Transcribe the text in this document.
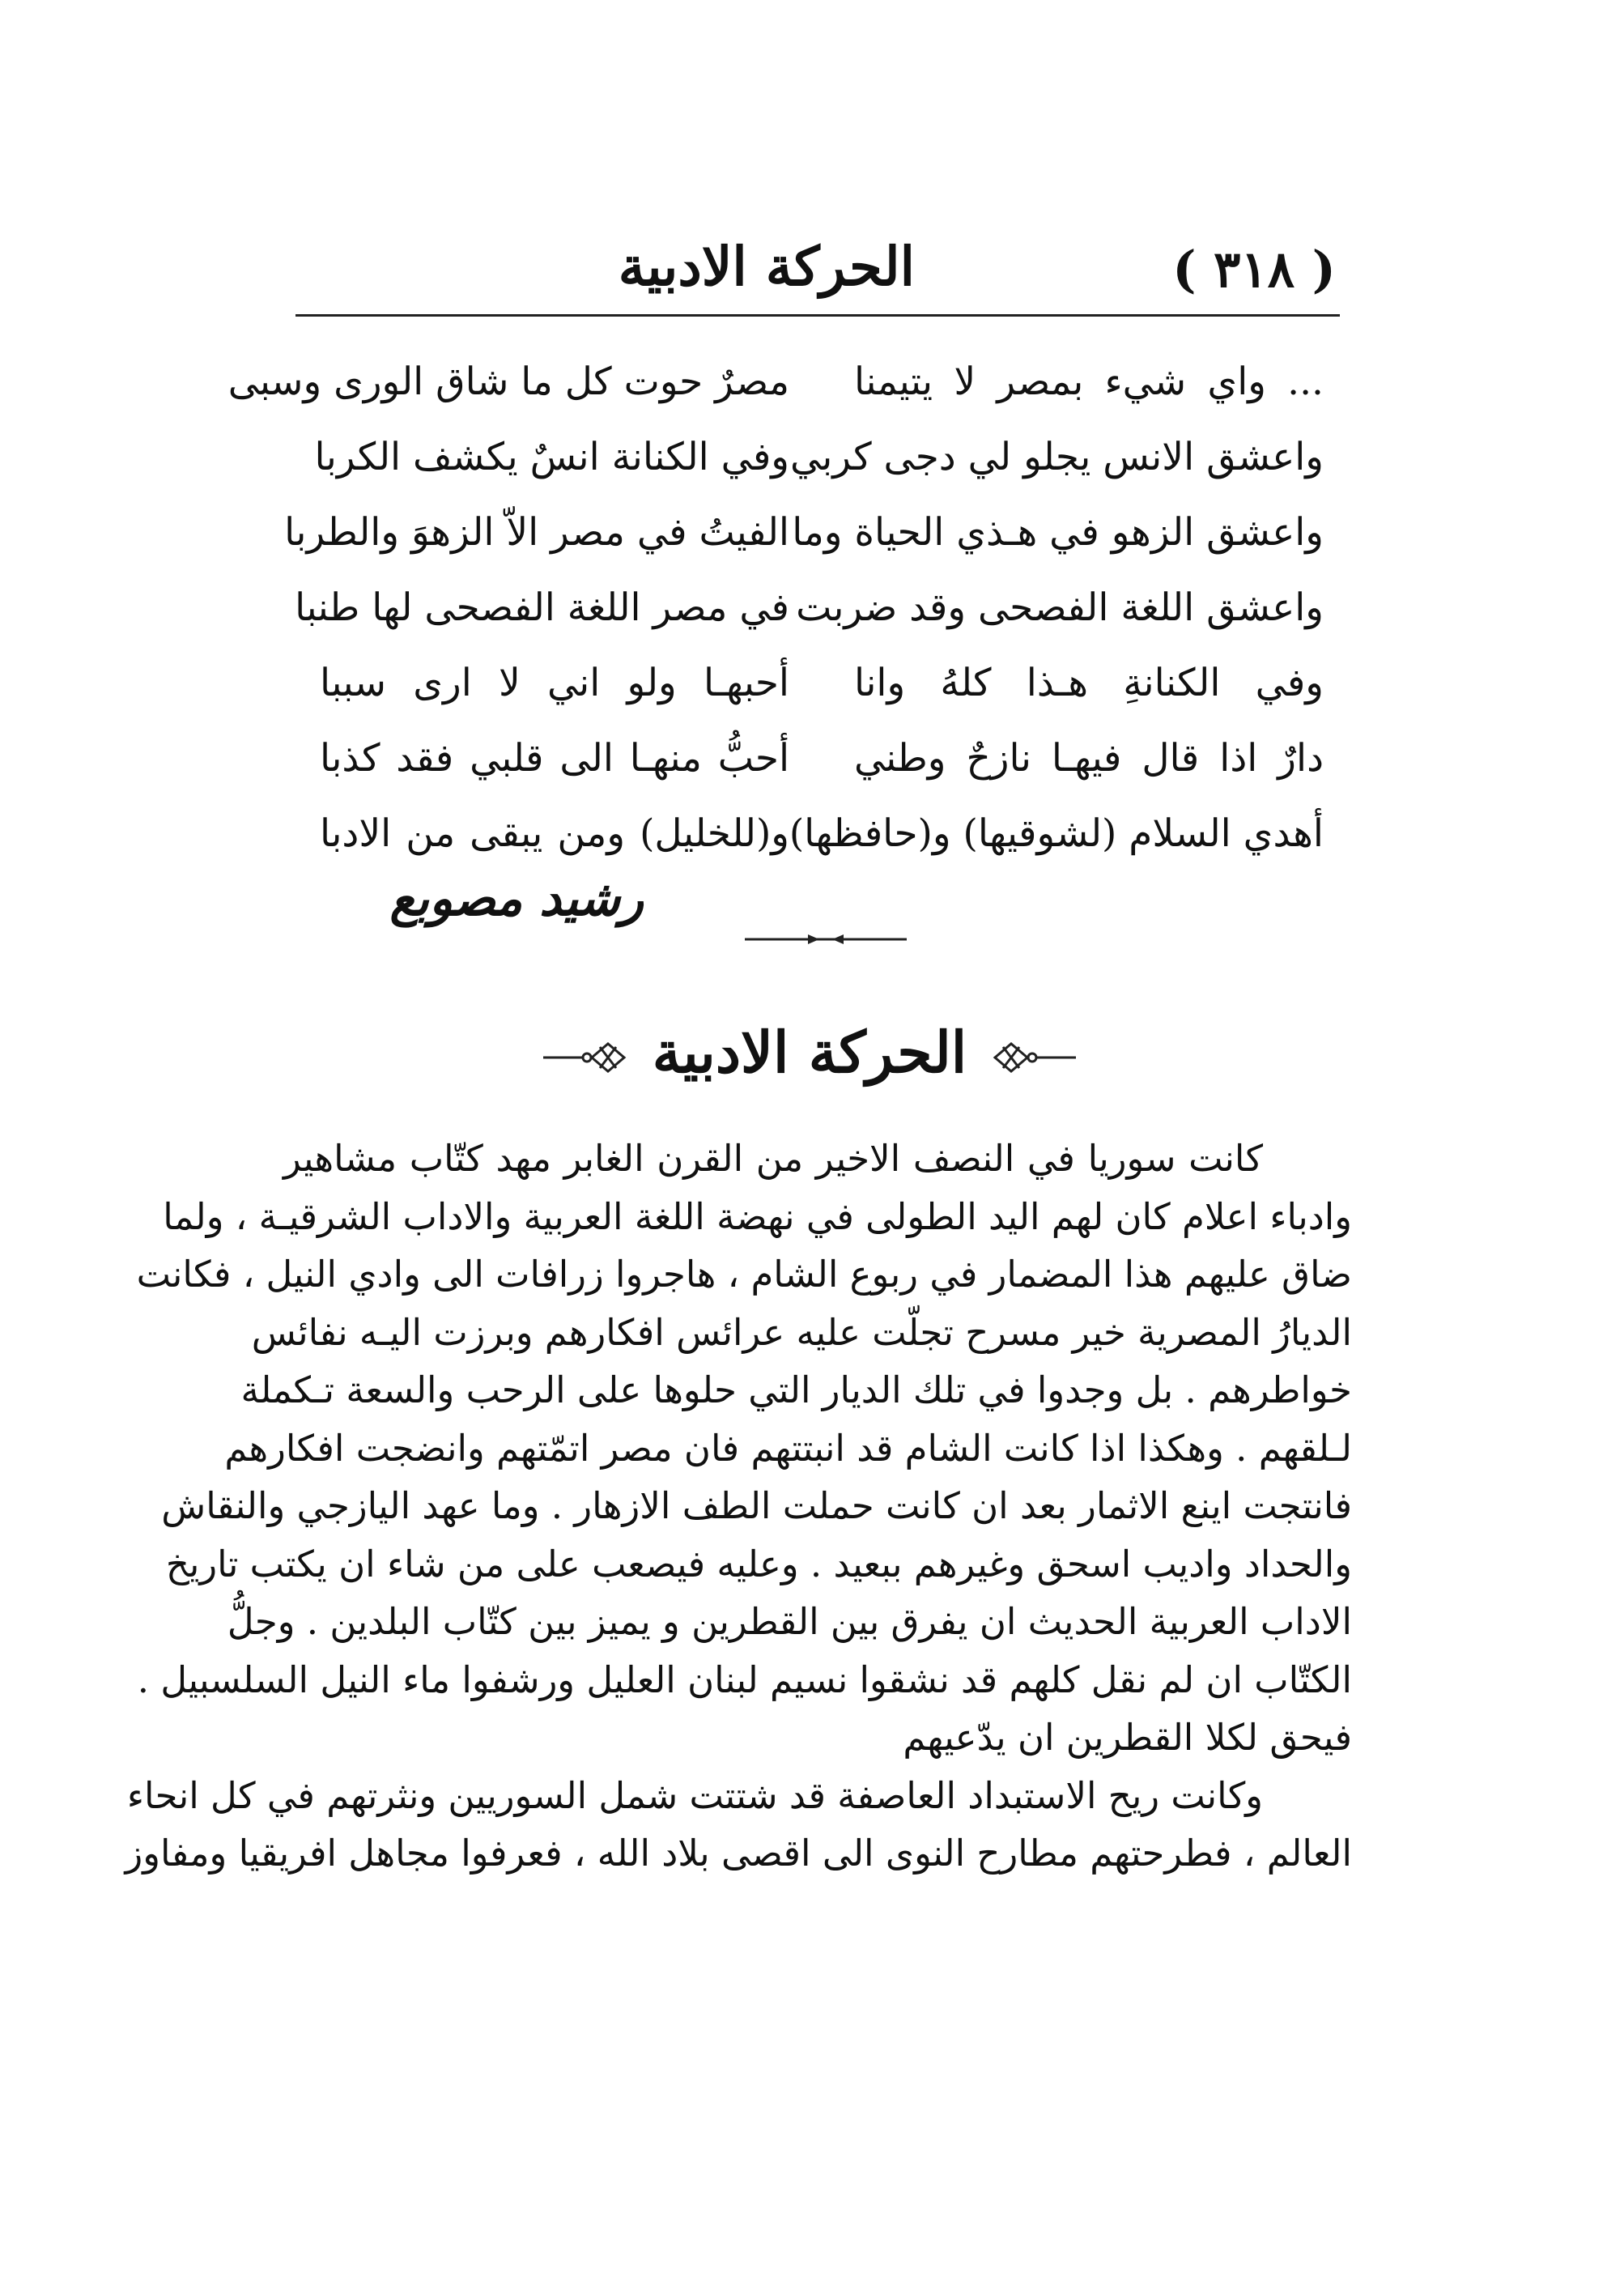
( ٣١٨ )
الحركة الادبية
... واي شيء بمصر لا يتيمنا
مصرٌ حوت كل ما شاق الورى وسبى
واعشق الانس يجلو لي دجى كربي
وفي الكنانة انسٌ يكشف الكربا
واعشق الزهو في هـذي الحياة وما
الفيتُ في مصر الاّ الزهوَ والطربا
واعشق اللغة الفصحى وقد ضربت
في مصر اللغة الفصحى لها طنبا
وفي الكنانةِ هـذا كلهُ وانا
أحبهـا ولو اني لا ارى سببا
دارٌ اذا قال فيهـا نازحٌ وطني
أحبُّ منهـا الى قلبي فقد كذبا
أهدي السلام (لشوقيها) و(حافظها)
و(للخليل) ومن يبقى من الادبا
رشيد مصوبع
الحركة الادبية
كانت سوريا في النصف الاخير من القرن الغابر مهد كتّاب مشاهير
وادباء اعلام كان لهم اليد الطولى في نهضة اللغة العربية والاداب الشرقيـة ، ولما
ضاق عليهم هذا المضمار في ربوع الشام ، هاجروا زرافات الى وادي النيل ، فكانت
الديارُ المصرية خير مسرح تجلّت عليه عرائس افكارهم وبرزت اليـه نفائس
خواطرهم . بل وجدوا في تلك الديار التي حلوها على الرحب والسعة تـكملة
لـلقهم . وهكذا اذا كانت الشام قد انبتتهم فان مصر اتمّتهم وانضجت افكارهم
فانتجت اينع الاثمار بعد ان كانت حملت الطف الازهار . وما عهد اليازجي والنقاش
والحداد واديب اسحق وغيرهم ببعيد . وعليه فيصعب على من شاء ان يكتب تاريخ
الاداب العربية الحديث ان يفرق بين القطرين و يميز بين كتّاب البلدين . وجلُّ
الكتّاب ان لم نقل كلهم قد نشقوا نسيم لبنان العليل ورشفوا ماء النيل السلسبيل .
فيحق لكلا القطرين ان يدّعيهم
وكانت ريح الاستبداد العاصفة قد شتتت شمل السوريين ونثرتهم في كل انحاء
العالم ، فطرحتهم مطارح النوى الى اقصى بلاد الله ، فعرفوا مجاهل افريقيا ومفاوز
